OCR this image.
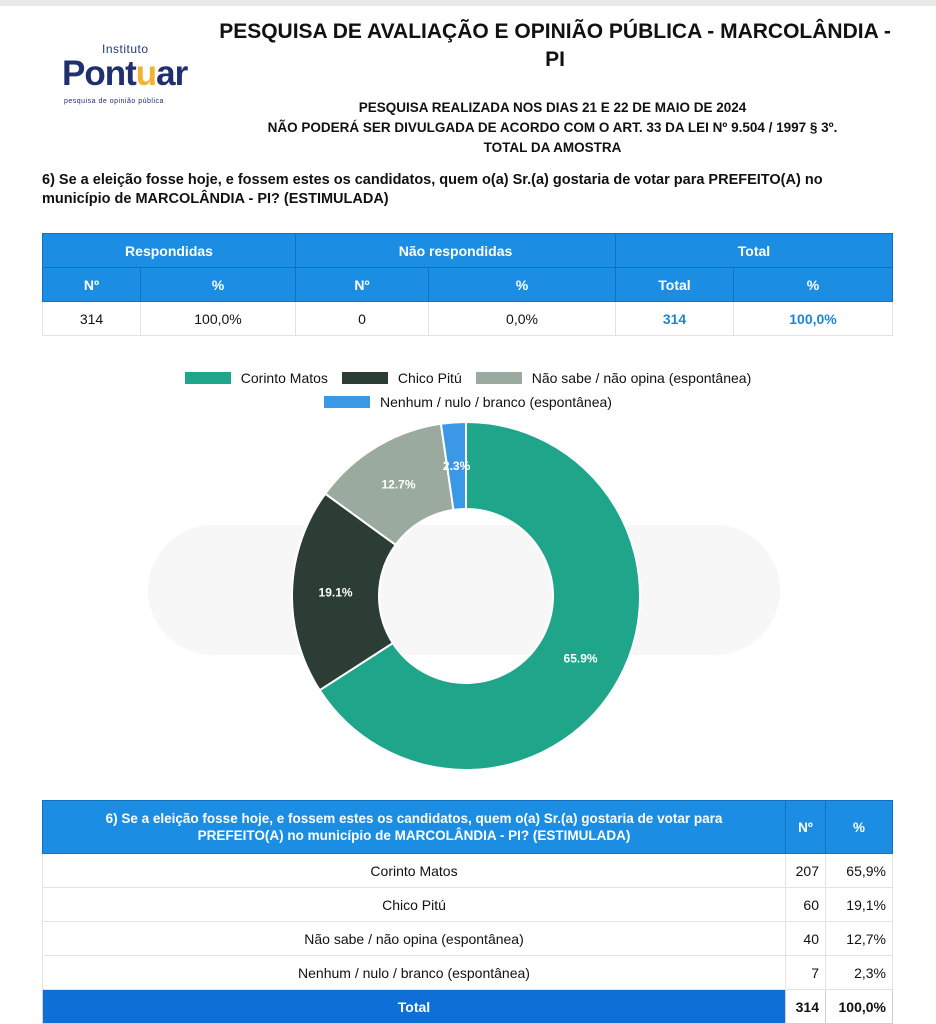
Instituto
Pontuar
pesquisa de opinião pública
PESQUISA DE AVALIAÇÃO E OPINIÃO PÚBLICA - MARCOLÂNDIA -
PI
PESQUISA REALIZADA NOS DIAS 21 E 22 DE MAIO DE 2024
NÃO PODERÁ SER DIVULGADA DE ACORDO COM O ART. 33 DA LEI Nº 9.504 / 1997 § 3º.
TOTAL DA AMOSTRA
6) Se a eleição fosse hoje, e fossem estes os candidatos, quem o(a) Sr.(a) gostaria de votar para PREFEITO(A) no município de MARCOLÂNDIA - PI? (ESTIMULADA)
Respondidas		Não respondidas		Total	
Nº	%	Nº	%	Total	%
314	100,0%	0	0,0%	314	100,0%
Corinto Matos	Chico Pitú	Não sabe / não opina (espontânea)
Nenhum / nulo / branco (espontânea)
65.9%
19.1%
12.7%
2.3%
6) Se a eleição fosse hoje, e fossem estes os candidatos, quem o(a) Sr.(a) gostaria de votar para PREFEITO(A) no município de MARCOLÂNDIA - PI? (ESTIMULADA)	Nº	%
Corinto Matos	207	65,9%
Chico Pitú	60	19,1%
Não sabe / não opina (espontânea)	40	12,7%
Nenhum / nulo / branco (espontânea)	7	2,3%
Total	314	100,0%
